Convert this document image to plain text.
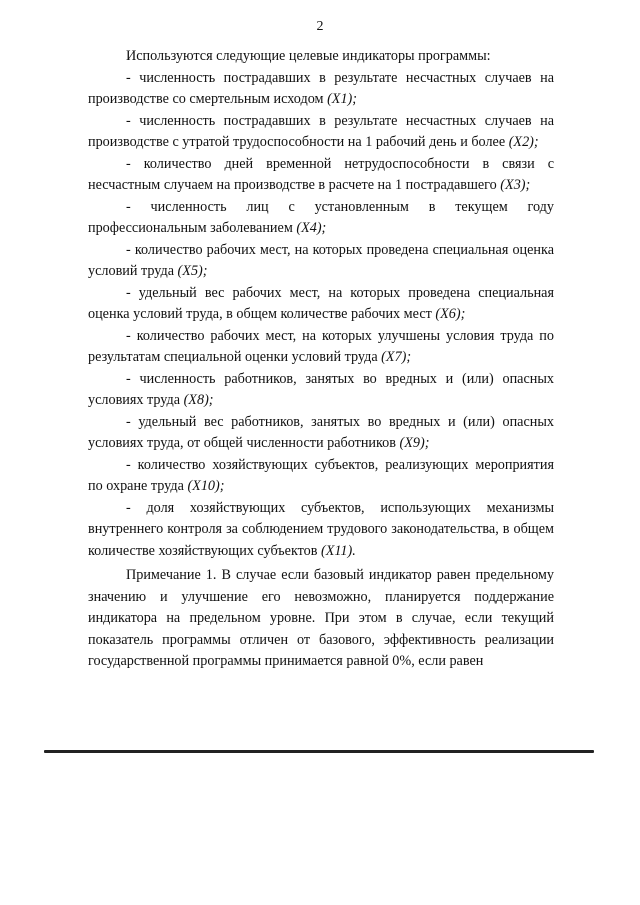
2

Используются следующие целевые индикаторы программы:

- численность пострадавших в результате несчастных случаев на производстве со смертельным исходом (X1);

- численность пострадавших в результате несчастных случаев на производстве с утратой трудоспособности на 1 рабочий день и более (X2);

- количество дней временной нетрудоспособности в связи с несчастным случаем на производстве в расчете на 1 пострадавшего (X3);

- численность лиц с установленным в текущем году профессиональным заболеванием (X4);

- количество рабочих мест, на которых проведена специальная оценка условий труда (X5);

- удельный вес рабочих мест, на которых проведена специальная оценка условий труда, в общем количестве рабочих мест (X6);

- количество рабочих мест, на которых улучшены условия труда по результатам специальной оценки условий труда (X7);

- численность работников, занятых во вредных и (или) опасных условиях труда (X8);

- удельный вес работников, занятых во вредных и (или) опасных условиях труда, от общей численности работников (X9);

- количество хозяйствующих субъектов, реализующих мероприятия по охране труда (X10);

- доля хозяйствующих субъектов, использующих механизмы внутреннего контроля за соблюдением трудового законодательства, в общем количестве хозяйствующих субъектов (X11).

Примечание 1. В случае если базовый индикатор равен предельному значению и улучшение его невозможно, планируется поддержание индикатора на предельном уровне. При этом в случае, если текущий показатель программы отличен от базового, эффективность реализации государственной программы принимается равной 0%, если равен
